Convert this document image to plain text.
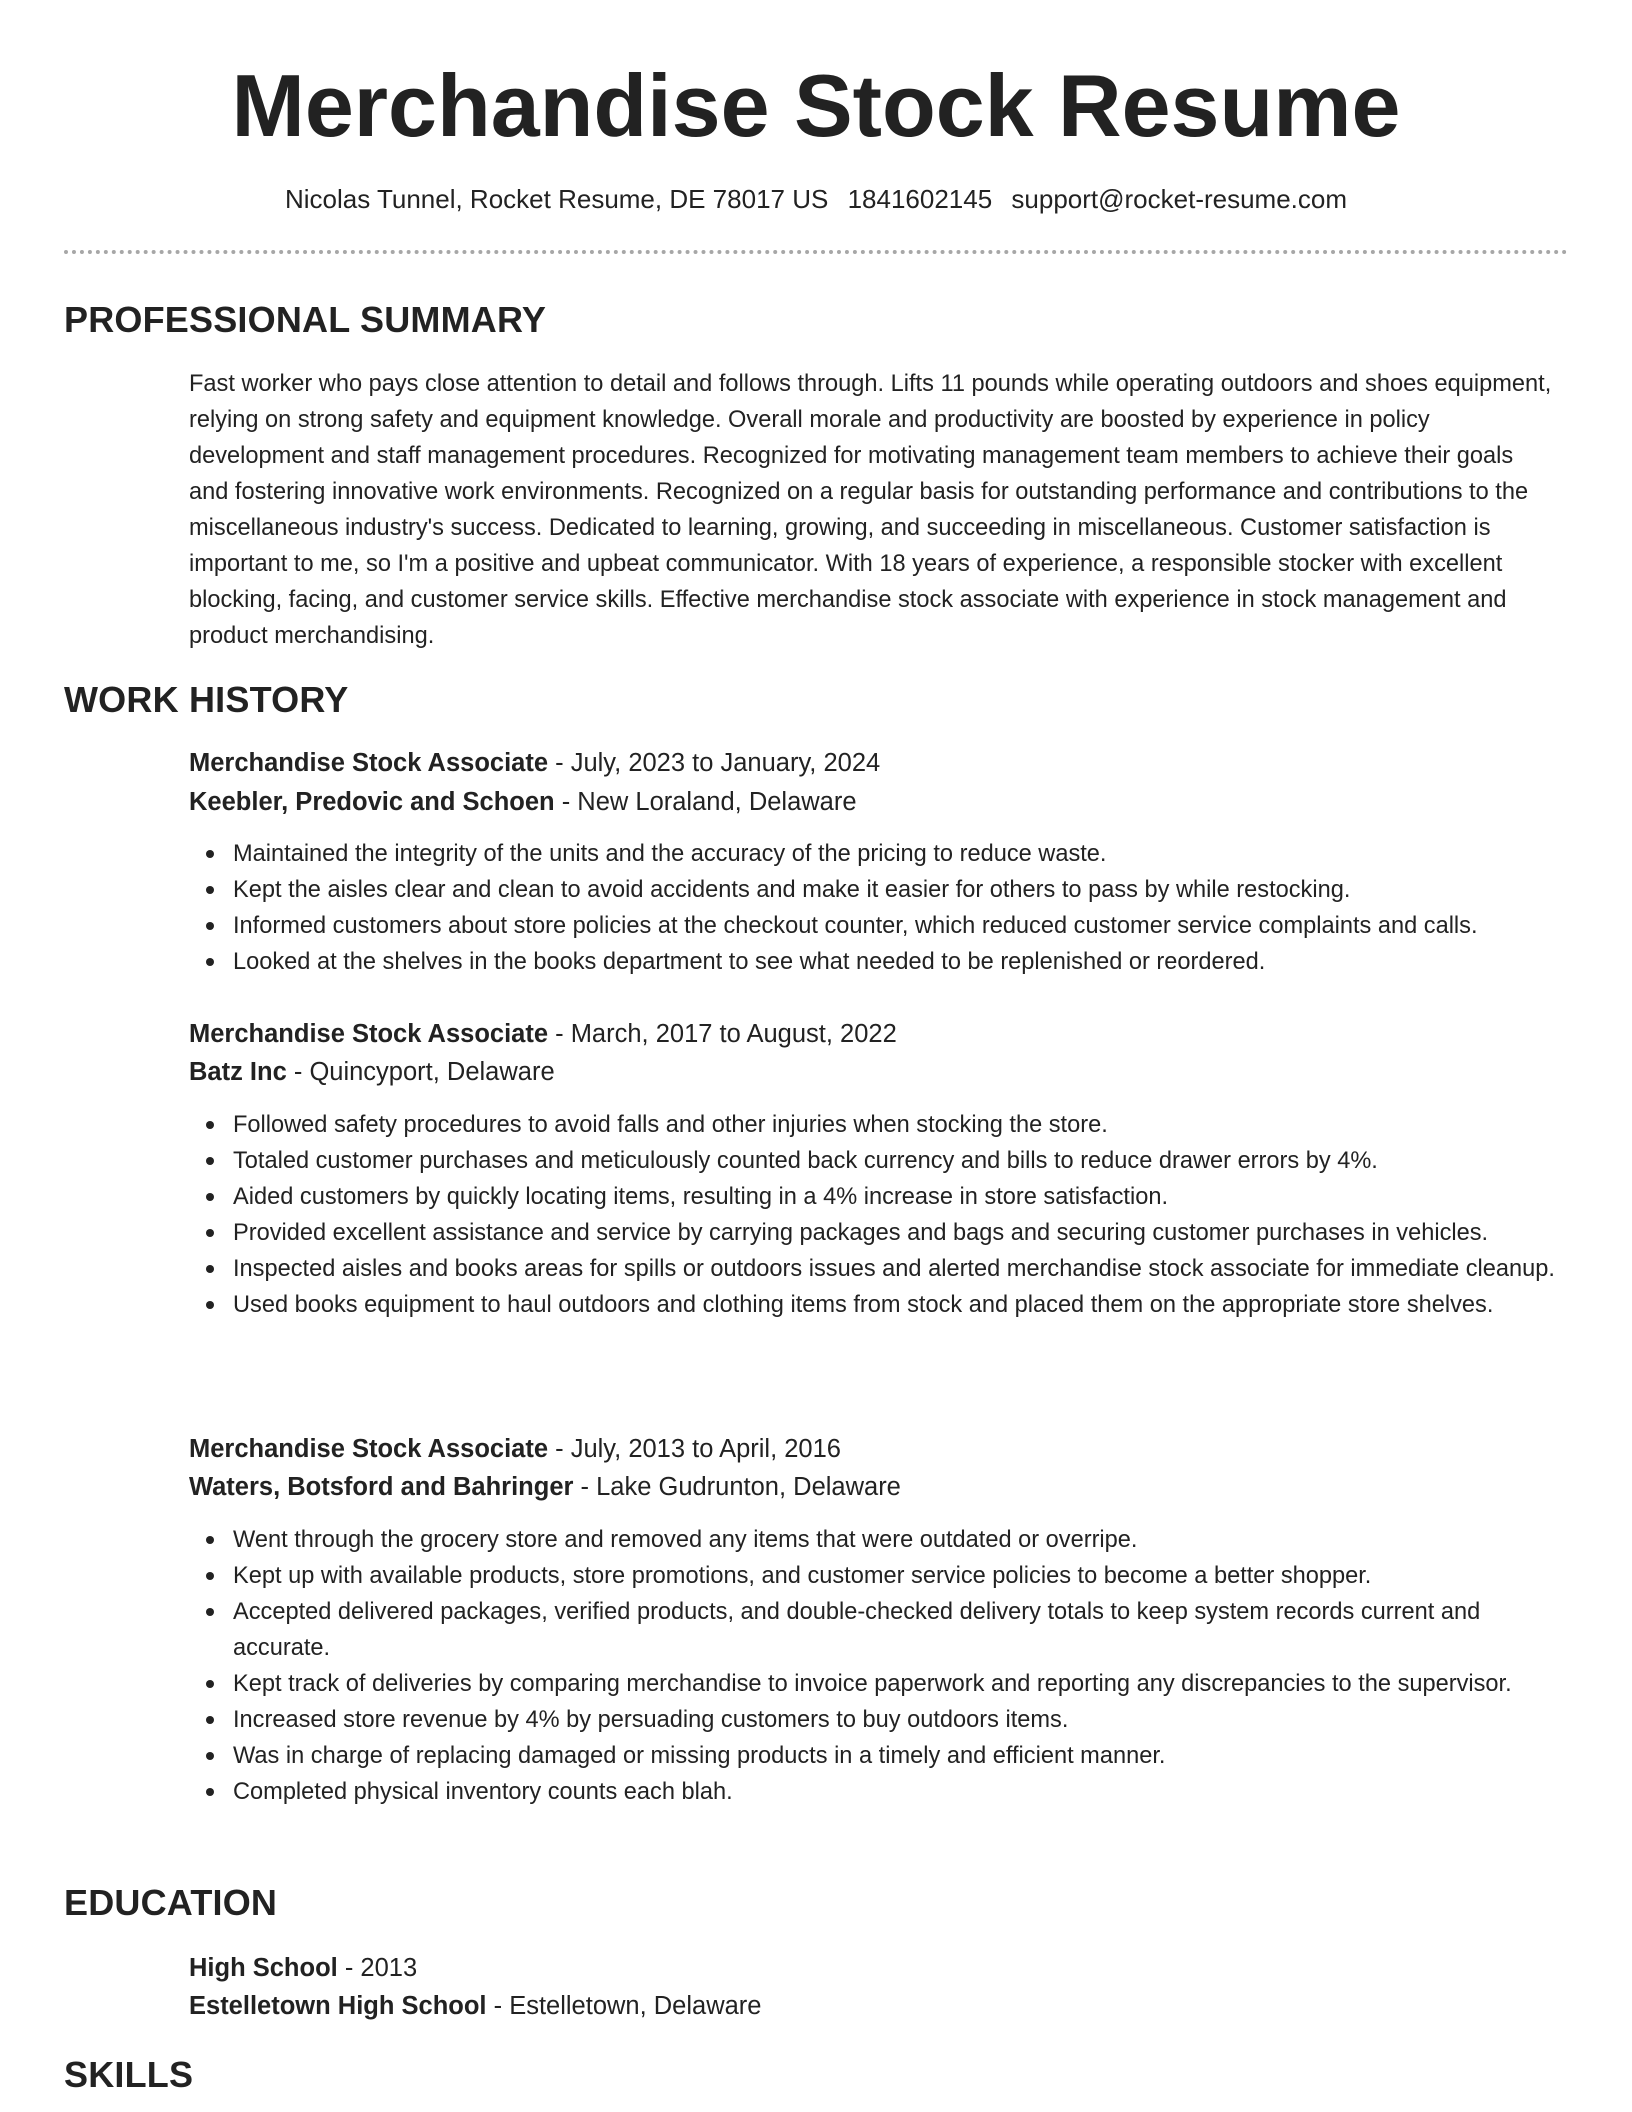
Merchandise Stock Resume
Nicolas Tunnel, Rocket Resume, DE 78017 US 1841602145 support@rocket-resume.com
PROFESSIONAL SUMMARY

Fast worker who pays close attention to detail and follows through. Lifts 11 pounds while operating outdoors and shoes equipment, relying on strong safety and equipment knowledge. Overall morale and productivity are boosted by experience in policy development and staff management procedures. Recognized for motivating management team members to achieve their goals and fostering innovative work environments. Recognized on a regular basis for outstanding performance and contributions to the miscellaneous industry's success. Dedicated to learning, growing, and succeeding in miscellaneous. Customer satisfaction is important to me, so I'm a positive and upbeat communicator. With 18 years of experience, a responsible stocker with excellent blocking, facing, and customer service skills. Effective merchandise stock associate with experience in stock management and product merchandising.

WORK HISTORY
Merchandise Stock Associate - July, 2023 to January, 2024
Keebler, Predovic and Schoen - New Loraland, Delaware
Maintained the integrity of the units and the accuracy of the pricing to reduce waste.
Kept the aisles clear and clean to avoid accidents and make it easier for others to pass by while restocking.
Informed customers about store policies at the checkout counter, which reduced customer service complaints and calls.
Looked at the shelves in the books department to see what needed to be replenished or reordered.
Merchandise Stock Associate - March, 2017 to August, 2022
Batz Inc - Quincyport, Delaware
Followed safety procedures to avoid falls and other injuries when stocking the store.
Totaled customer purchases and meticulously counted back currency and bills to reduce drawer errors by 4%.
Aided customers by quickly locating items, resulting in a 4% increase in store satisfaction.
Provided excellent assistance and service by carrying packages and bags and securing customer purchases in vehicles.
Inspected aisles and books areas for spills or outdoors issues and alerted merchandise stock associate for immediate cleanup.
Used books equipment to haul outdoors and clothing items from stock and placed them on the appropriate store shelves.
Merchandise Stock Associate - July, 2013 to April, 2016
Waters, Botsford and Bahringer - Lake Gudrunton, Delaware
Went through the grocery store and removed any items that were outdated or overripe.
Kept up with available products, store promotions, and customer service policies to become a better shopper.
Accepted delivered packages, verified products, and double-checked delivery totals to keep system records current and accurate.
Kept track of deliveries by comparing merchandise to invoice paperwork and reporting any discrepancies to the supervisor.
Increased store revenue by 4% by persuading customers to buy outdoors items.
Was in charge of replacing damaged or missing products in a timely and efficient manner.
Completed physical inventory counts each blah.
EDUCATION
High School - 2013
Estelletown High School - Estelletown, Delaware
SKILLS
